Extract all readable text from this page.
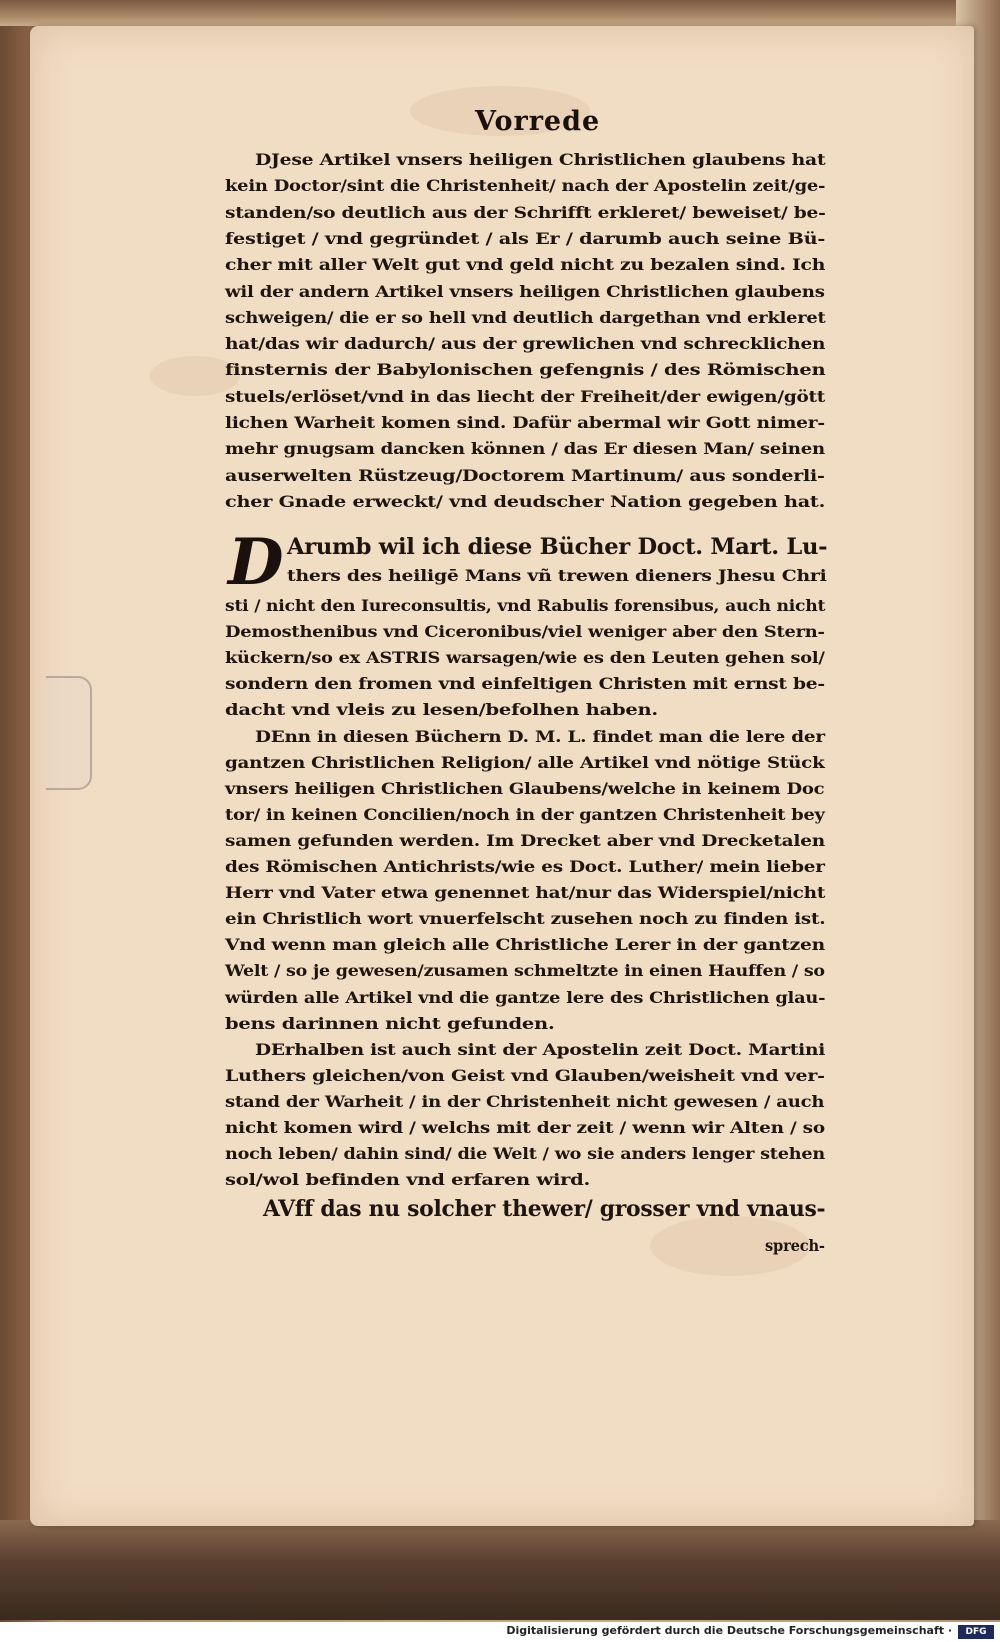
Vorrede
DJese Artikel vnsers heiligen Christlichen glaubens hat
kein Doctor/sint die Christenheit/ nach der Apostelin zeit/ge-
standen/so deutlich aus der Schrifft erkleret/ beweiset/ be-
festiget / vnd gegründet / als Er / darumb auch seine Bü-
cher mit aller Welt gut vnd geld nicht zu bezalen sind. Ich
wil der andern Artikel vnsers heiligen Christlichen glaubens
schweigen/ die er so hell vnd deutlich dargethan vnd erkleret
hat/das wir dadurch/ aus der grewlichen vnd schrecklichen
finsternis der Babylonischen gefengnis / des Römischen
stuels/erlöset/vnd in das liecht der Freiheit/der ewigen/gött
lichen Warheit komen sind. Dafür abermal wir Gott nimer-
mehr gnugsam dancken können / das Er diesen Man/ seinen
auserwelten Rüstzeug/Doctorem Martinum/ aus sonderli-
cher Gnade erweckt/ vnd deudscher Nation gegeben hat.
Arumb wil ich diese Bücher Doct. Mart. Lu-
thers des heiligē Mans vñ trewen dieners Jhesu Chri
sti / nicht den Iureconsultis, vnd Rabulis forensibus, auch nicht
Demosthenibus vnd Ciceronibus/viel weniger aber den Stern-
kückern/so ex ASTRIS warsagen/wie es den Leuten gehen sol/
sondern den fromen vnd einfeltigen Christen mit ernst be-
dacht vnd vleis zu lesen/befolhen haben.
DEnn in diesen Büchern D. M. L. findet man die lere der
gantzen Christlichen Religion/ alle Artikel vnd nötige Stück
vnsers heiligen Christlichen Glaubens/welche in keinem Doc
tor/ in keinen Concilien/noch in der gantzen Christenheit bey
samen gefunden werden. Im Drecket aber vnd Drecketalen
des Römischen Antichrists/wie es Doct. Luther/ mein lieber
Herr vnd Vater etwa genennet hat/nur das Widerspiel/nicht
ein Christlich wort vnuerfelscht zusehen noch zu finden ist.
Vnd wenn man gleich alle Christliche Lerer in der gantzen
Welt / so je gewesen/zusamen schmeltzte in einen Hauffen / so
würden alle Artikel vnd die gantze lere des Christlichen glau-
bens darinnen nicht gefunden.
DErhalben ist auch sint der Apostelin zeit Doct. Martini
Luthers gleichen/von Geist vnd Glauben/weisheit vnd ver-
stand der Warheit / in der Christenheit nicht gewesen / auch
nicht komen wird / welchs mit der zeit / wenn wir Alten / so
noch leben/ dahin sind/ die Welt / wo sie anders lenger stehen
sol/wol befinden vnd erfaren wird.
AVff das nu solcher thewer/ grosser vnd vnaus-
sprech-
D
Digitalisierung gefördert durch die Deutsche Forschungsgemeinschaft ·	DFG
